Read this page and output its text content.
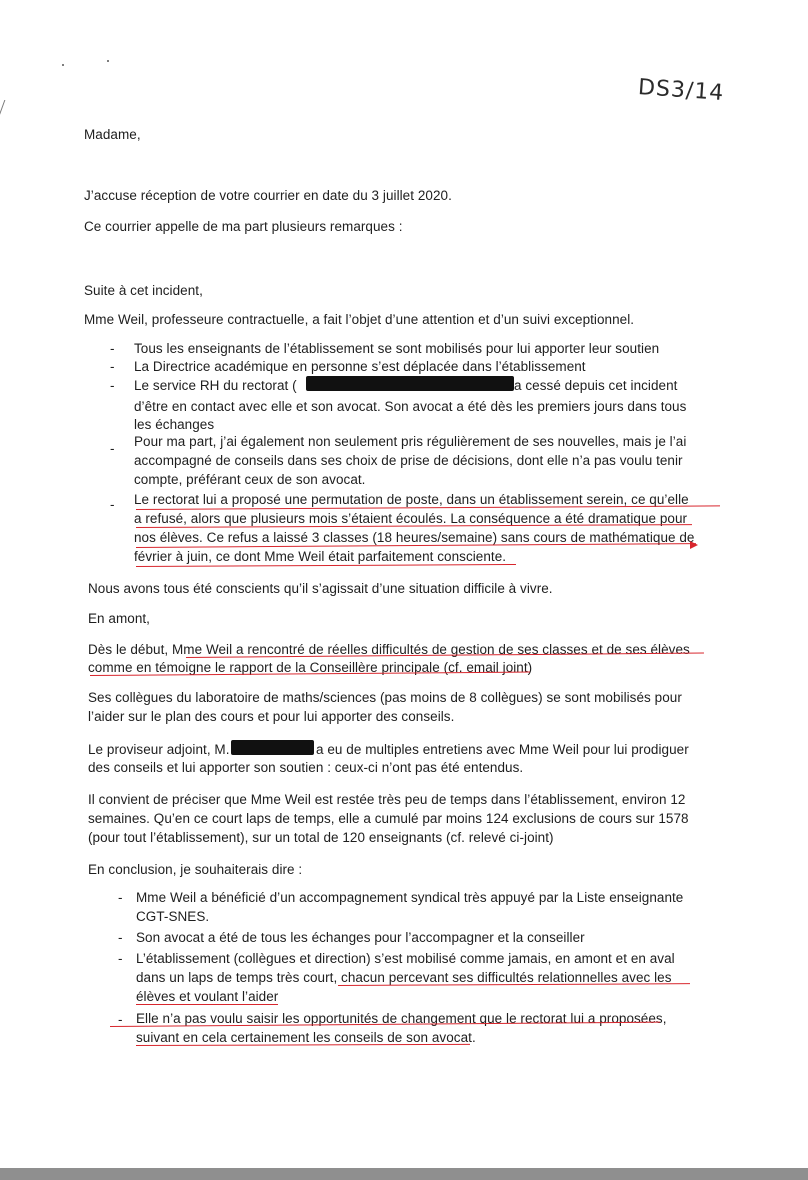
DS3/14

Madame,

J’accuse réception de votre courrier en date du 3 juillet 2020.

Ce courrier appelle de ma part plusieurs remarques :

Suite à cet incident,

Mme Weil, professeure contractuelle, a fait l’objet d’une attention et d’un suivi exceptionnel.

- Tous les enseignants de l’établissement se sont mobilisés pour lui apporter leur soutien

- La Directrice académique en personne s’est déplacée dans l’établissement

- Le service RH du rectorat (	a cessé depuis cet incident

d’être en contact avec elle et son avocat. Son avocat a été dès les premiers jours dans tous

les échanges

- Pour ma part, j’ai également non seulement pris régulièrement de ses nouvelles, mais je l’ai

accompagné de conseils dans ses choix de prise de décisions, dont elle n’a pas voulu tenir

compte, préférant ceux de son avocat.

- Le rectorat lui a proposé une permutation de poste, dans un établissement serein, ce qu’elle

a refusé, alors que plusieurs mois s’étaient écoulés. La conséquence a été dramatique pour

nos élèves. Ce refus a laissé 3 classes (18 heures/semaine) sans cours de mathématique de

février à juin, ce dont Mme Weil était parfaitement consciente.

Nous avons tous été conscients qu’il s’agissait d’une situation difficile à vivre.

En amont,

Dès le début, Mme Weil a rencontré de réelles difficultés de gestion de ses classes et de ses élèves

comme en témoigne le rapport de la Conseillère principale (cf. email joint)

Ses collègues du laboratoire de maths/sciences (pas moins de 8 collègues) se sont mobilisés pour

l’aider sur le plan des cours et pour lui apporter des conseils.

Le proviseur adjoint, M.	a eu de multiples entretiens avec Mme Weil pour lui prodiguer

des conseils et lui apporter son soutien : ceux-ci n’ont pas été entendus.

Il convient de préciser que Mme Weil est restée très peu de temps dans l’établissement, environ 12

semaines. Qu’en ce court laps de temps, elle a cumulé par moins 124 exclusions de cours sur 1578

(pour tout l’établissement), sur un total de 120 enseignants (cf. relevé ci-joint)

En conclusion, je souhaiterais dire :

- Mme Weil a bénéficié d’un accompagnement syndical très appuyé par la Liste enseignante

CGT-SNES.

- Son avocat a été de tous les échanges pour l’accompagner et la conseiller

- L’établissement (collègues et direction) s’est mobilisé comme jamais, en amont et en aval

dans un laps de temps très court, chacun percevant ses difficultés relationnelles avec les

élèves et voulant l’aider

- Elle n’a pas voulu saisir les opportunités de changement que le rectorat lui a proposées,

suivant en cela certainement les conseils de son avocat.
